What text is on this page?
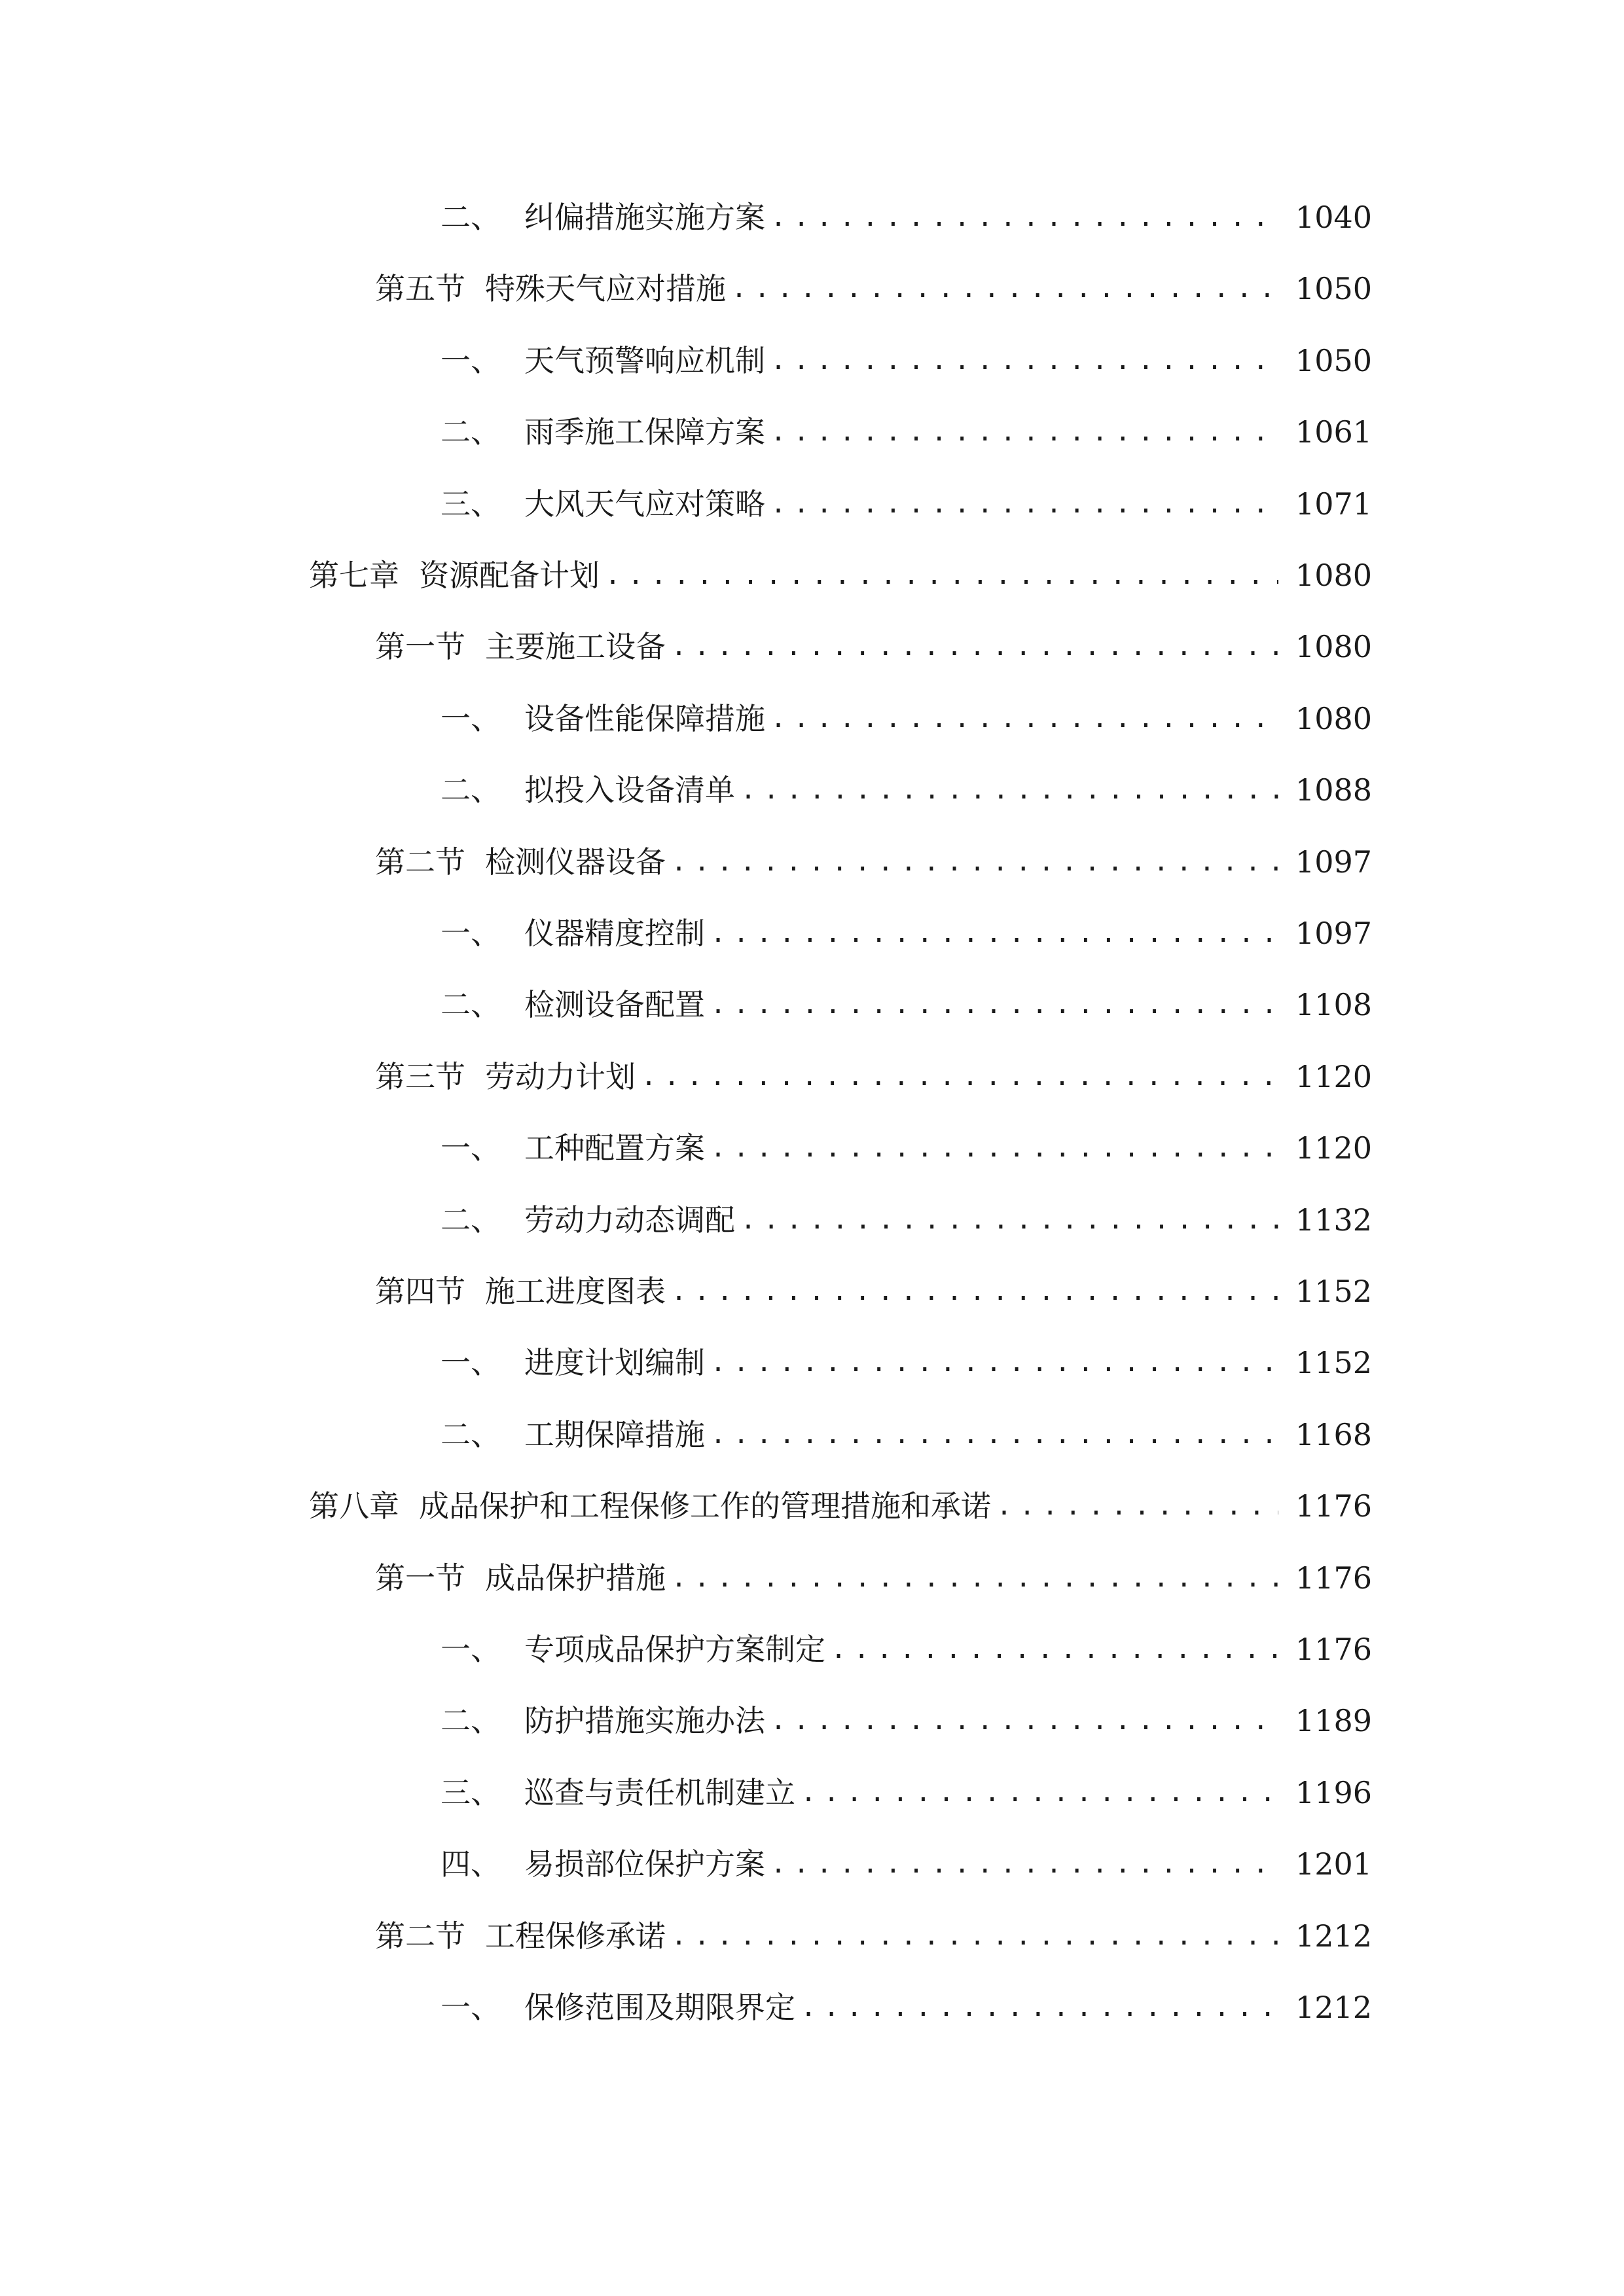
二、 纠偏措施实施方案 .....	1040
第五节 特殊天气应对措施 .....	1050
一、 天气预警响应机制 .....	1050
二、 雨季施工保障方案 .....	1061
三、 大风天气应对策略 .....	1071
第七章 资源配备计划 .....	1080
第一节 主要施工设备 .....	1080
一、 设备性能保障措施 .....	1080
二、 拟投入设备清单 .....	1088
第二节 检测仪器设备 .....	1097
一、 仪器精度控制 .....	1097
二、 检测设备配置 .....	1108
第三节 劳动力计划 .....	1120
一、 工种配置方案 .....	1120
二、 劳动力动态调配 .....	1132
第四节 施工进度图表 .....	1152
一、 进度计划编制 .....	1152
二、 工期保障措施 .....	1168
第八章 成品保护和工程保修工作的管理措施和承诺 .....	1176
第一节 成品保护措施 .....	1176
一、 专项成品保护方案制定 .....	1176
二、 防护措施实施办法 .....	1189
三、 巡查与责任机制建立 .....	1196
四、 易损部位保护方案 .....	1201
第二节 工程保修承诺 .....	1212
一、 保修范围及期限界定 .....	1212
